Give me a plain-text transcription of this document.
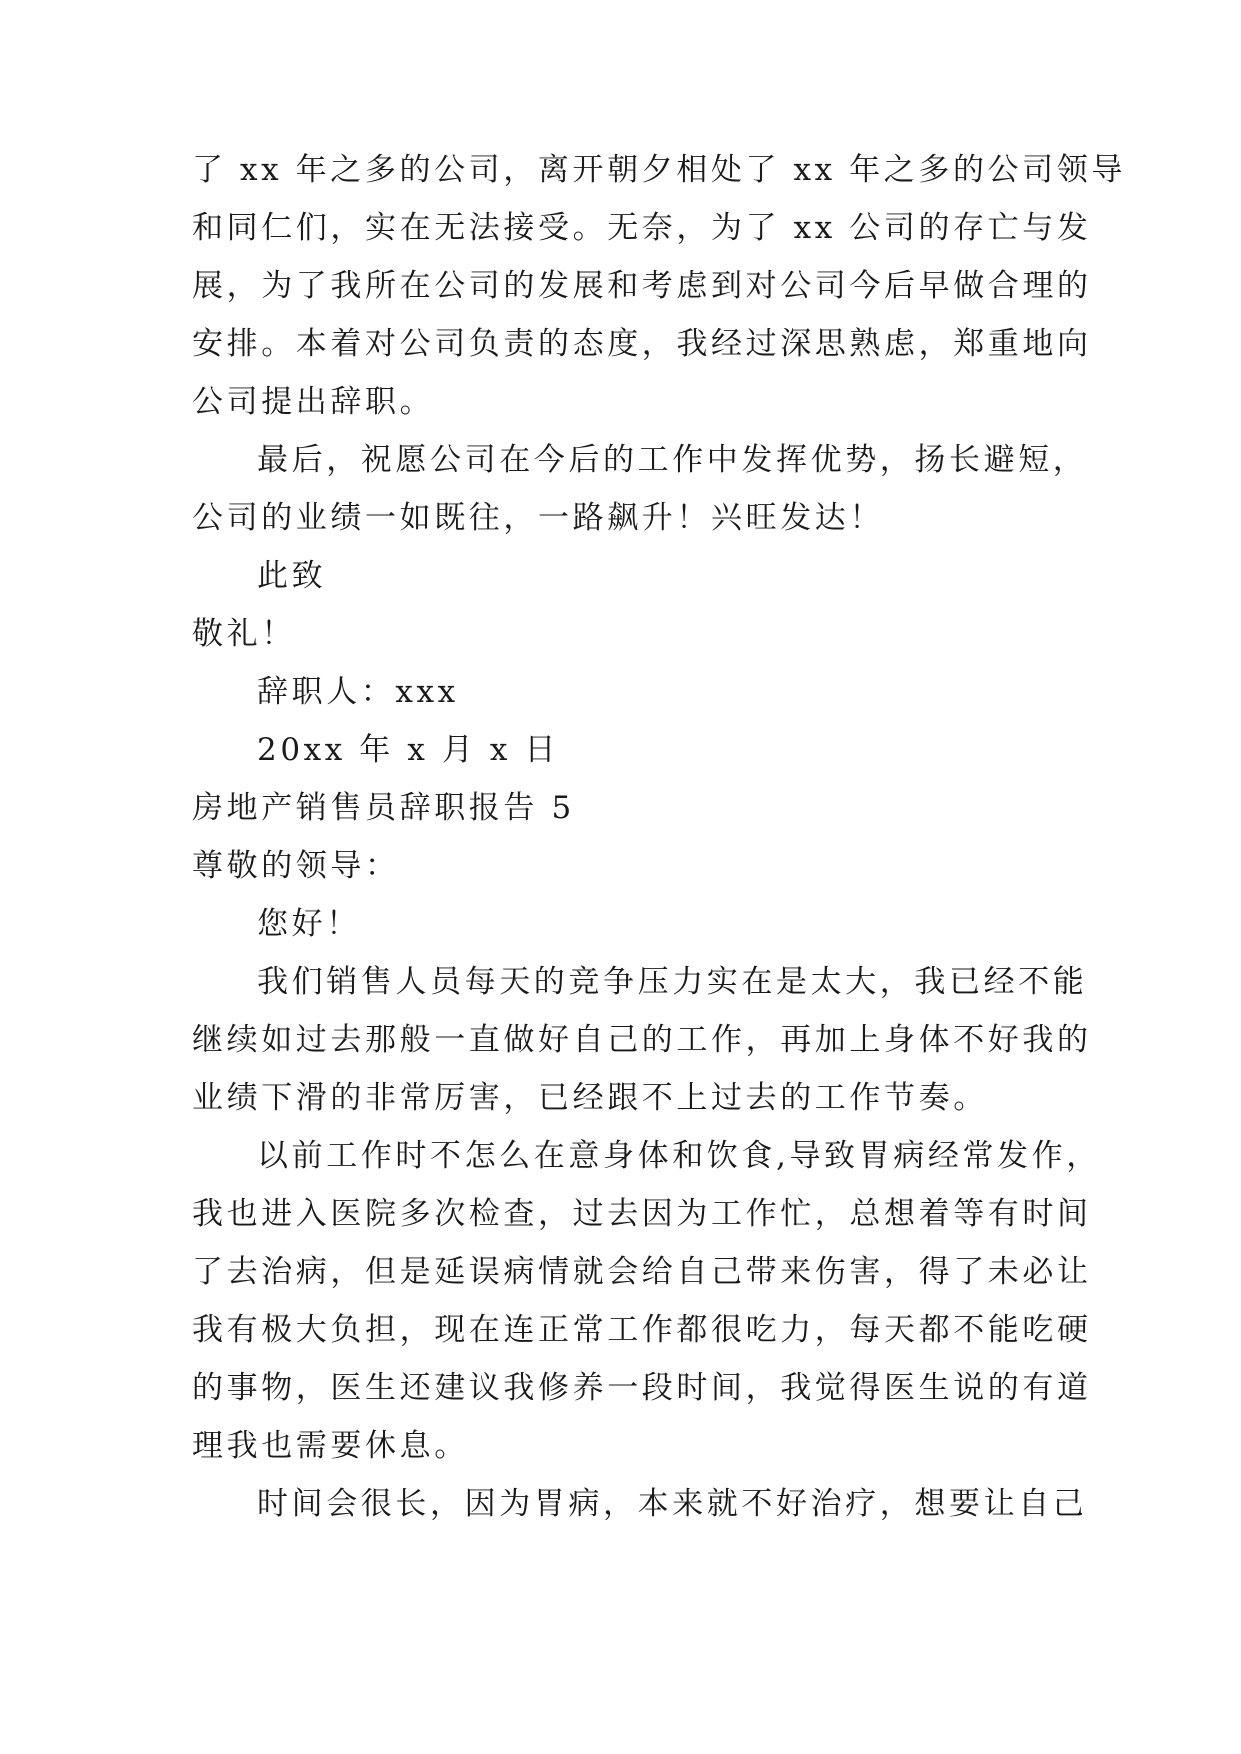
了 xx 年之多的公司，离开朝夕相处了 xx 年之多的公司领导

和同仁们，实在无法接受。无奈，为了 xx 公司的存亡与发

展，为了我所在公司的发展和考虑到对公司今后早做合理的

安排。本着对公司负责的态度，我经过深思熟虑，郑重地向

公司提出辞职。

最后，祝愿公司在今后的工作中发挥优势，扬长避短，

公司的业绩一如既往，一路飙升！兴旺发达！

此致

敬礼！

辞职人：xxx

20xx 年 x 月 x 日

房地产销售员辞职报告 5

尊敬的领导：

您好！

我们销售人员每天的竞争压力实在是太大，我已经不能

继续如过去那般一直做好自己的工作，再加上身体不好我的

业绩下滑的非常厉害，已经跟不上过去的工作节奏。

以前工作时不怎么在意身体和饮食,导致胃病经常发作，

我也进入医院多次检查，过去因为工作忙，总想着等有时间

了去治病，但是延误病情就会给自己带来伤害，得了未必让

我有极大负担，现在连正常工作都很吃力，每天都不能吃硬

的事物，医生还建议我修养一段时间，我觉得医生说的有道

理我也需要休息。

时间会很长，因为胃病，本来就不好治疗，想要让自己
